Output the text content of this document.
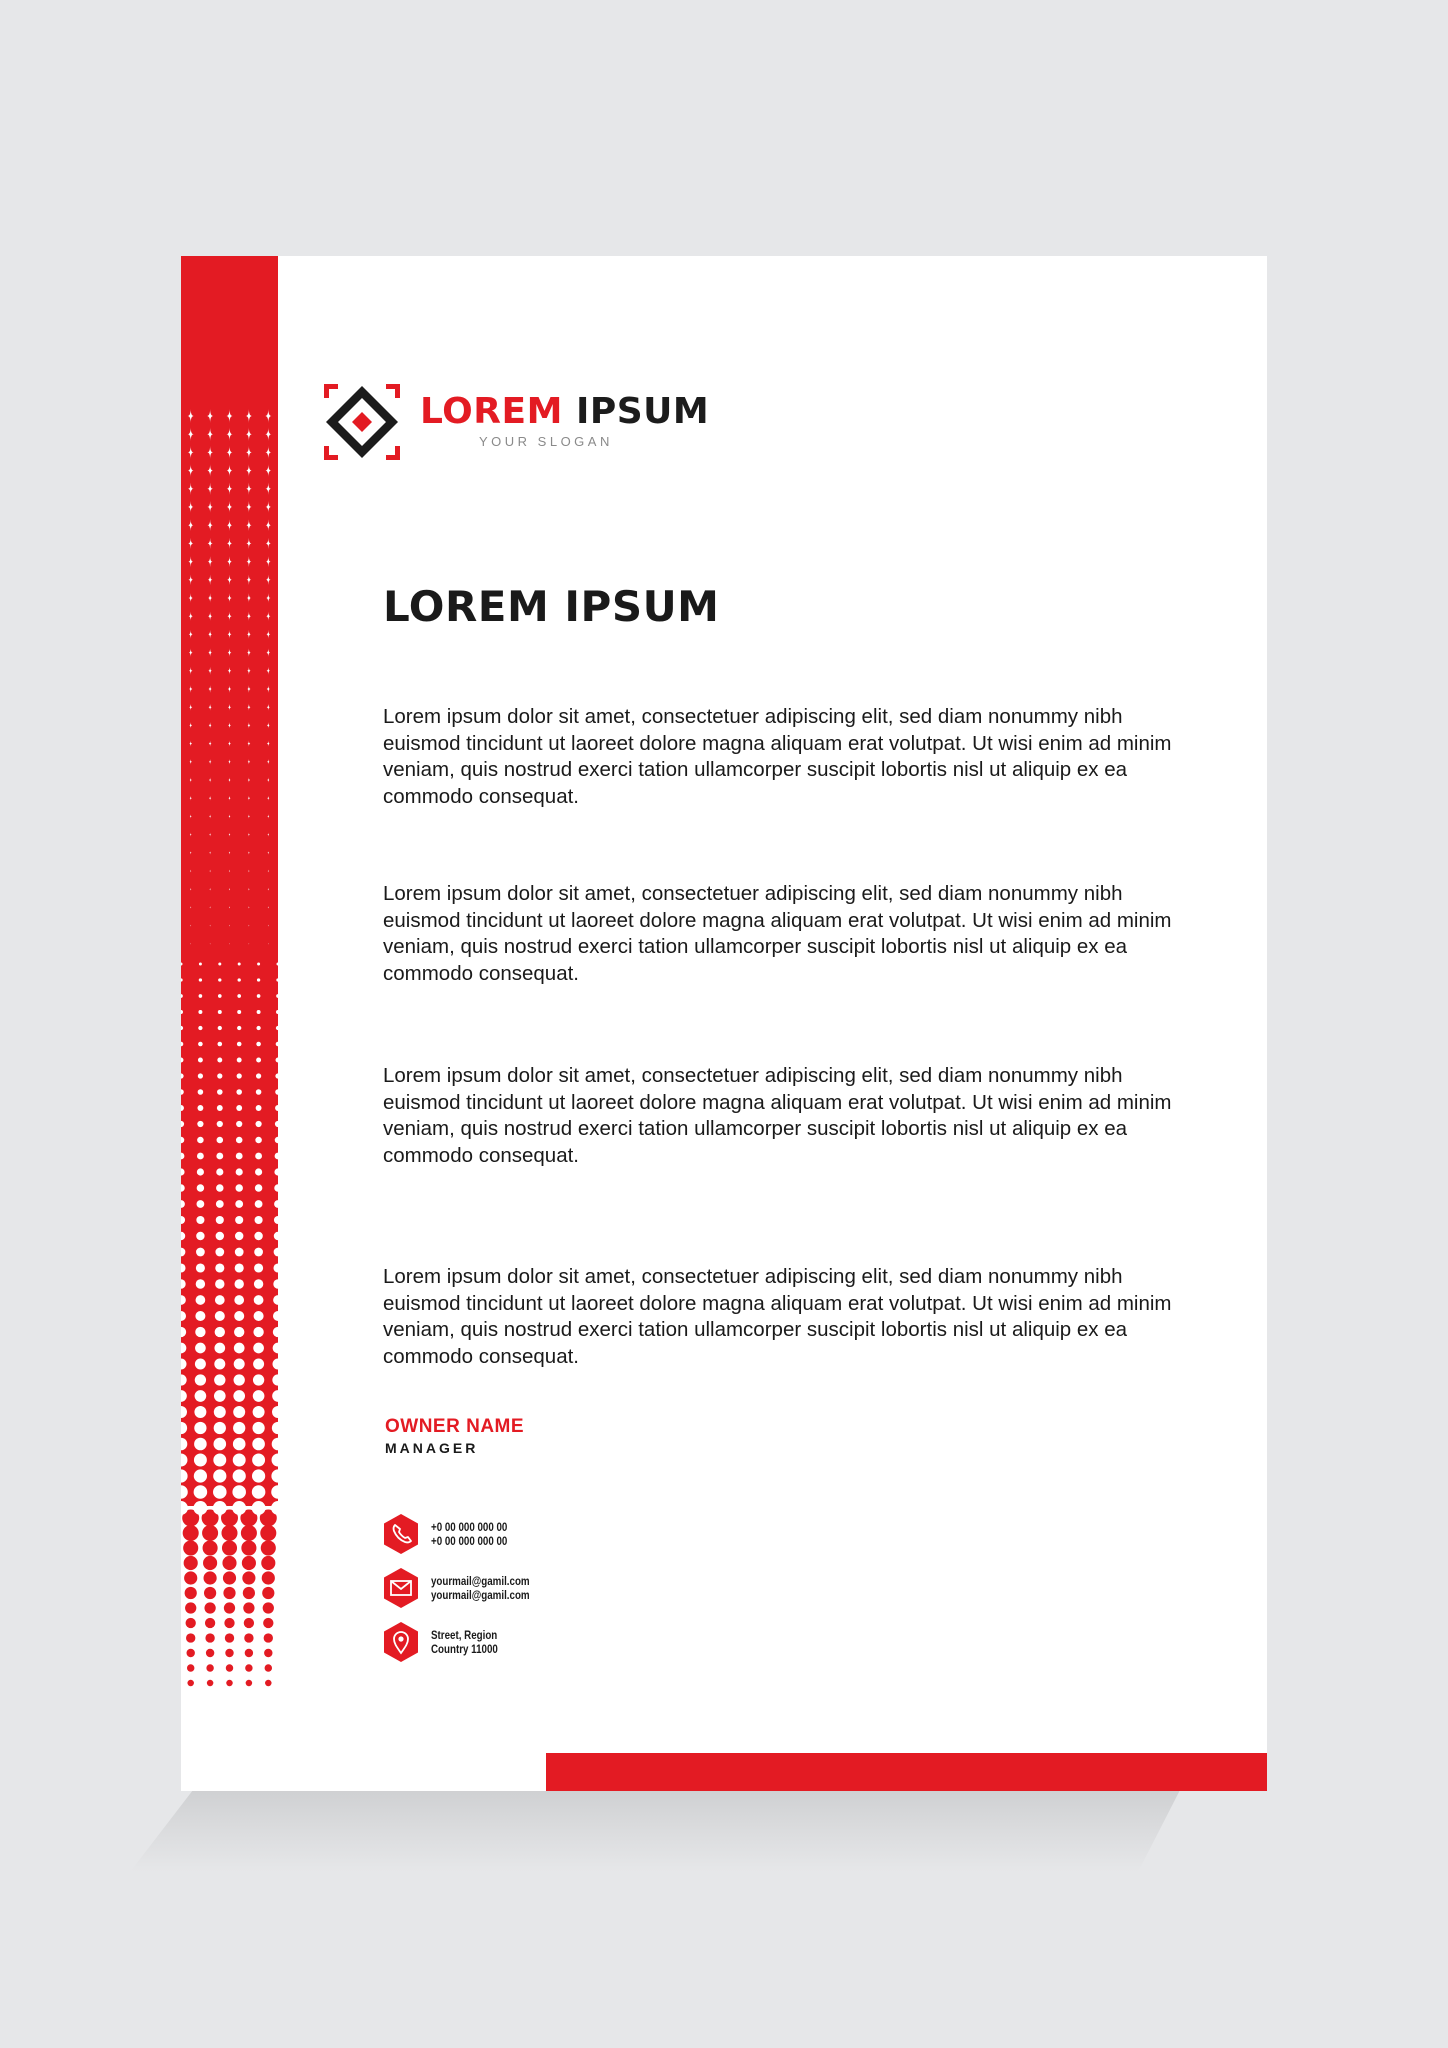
LOREM IPSUM
YOUR SLOGAN
LOREM IPSUM

Lorem ipsum dolor sit amet, consectetuer adipiscing elit, sed diam nonummy nibh euismod tincidunt ut laoreet dolore magna aliquam erat volutpat. Ut wisi enim ad minim veniam, quis nostrud exerci tation ullamcorper suscipit lobortis nisl ut aliquip ex ea commodo consequat.

Lorem ipsum dolor sit amet, consectetuer adipiscing elit, sed diam nonummy nibh euismod tincidunt ut laoreet dolore magna aliquam erat volutpat. Ut wisi enim ad minim veniam, quis nostrud exerci tation ullamcorper suscipit lobortis nisl ut aliquip ex ea commodo consequat.

Lorem ipsum dolor sit amet, consectetuer adipiscing elit, sed diam nonummy nibh euismod tincidunt ut laoreet dolore magna aliquam erat volutpat. Ut wisi enim ad minim veniam, quis nostrud exerci tation ullamcorper suscipit lobortis nisl ut aliquip ex ea commodo consequat.

Lorem ipsum dolor sit amet, consectetuer adipiscing elit, sed diam nonummy nibh euismod tincidunt ut laoreet dolore magna aliquam erat volutpat. Ut wisi enim ad minim veniam, quis nostrud exerci tation ullamcorper suscipit lobortis nisl ut aliquip ex ea commodo consequat.

OWNER NAME
MANAGER
+0 00 000 000 00
+0 00 000 000 00
yourmail@gamil.com
yourmail@gamil.com
Street, Region
Country 11000
